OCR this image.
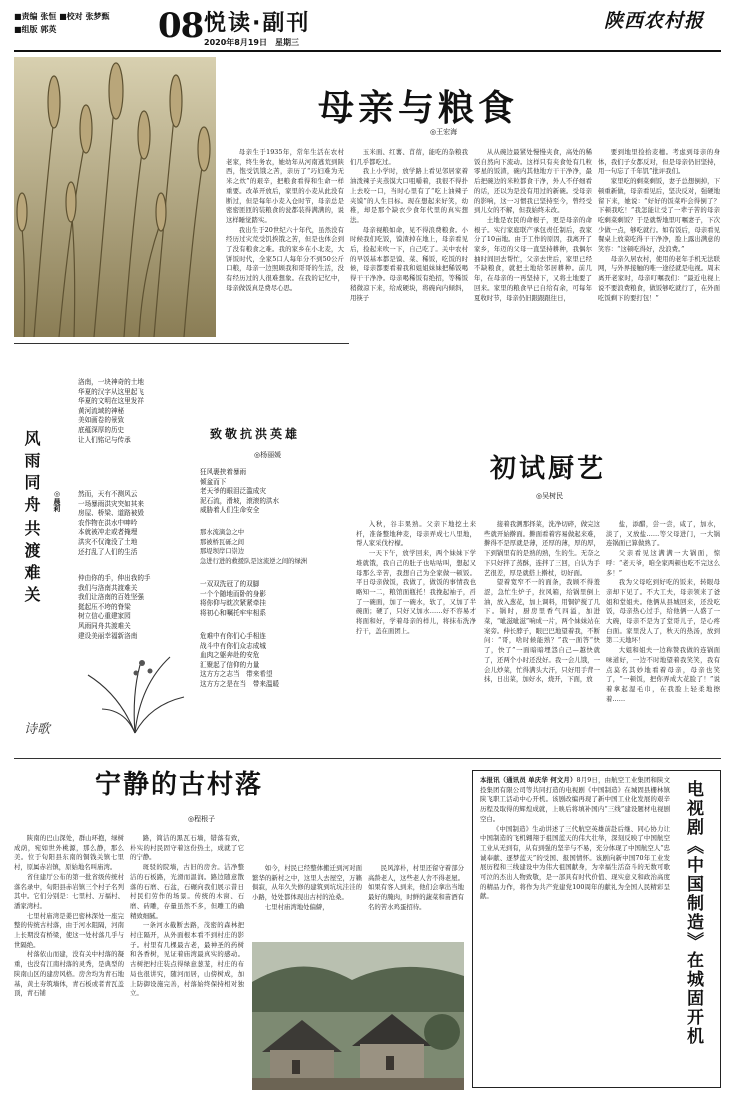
■责编 张恒 ■校对 张梦甄
■组版 郭英	08 悦读·副刊
2020年8月19日　星期三
陕西农村报
母亲与粮食
◎王宏海

母亲生于1935年，常年生活在农村老家，终生务农，她幼年从河南逃荒到陕西，饱受饥饿之苦，亲历了“巧妇难为无米之炊”的艰辛，把粮食看得和生命一样重要。改革开放后，家里的小麦从此没有断过，但是每年小麦入仓时节，母亲总是密密匝匝的装粮食的瓮都装得满满的，说这样睡觉踏实。

我出生于20世纪六十年代，虽然没有经历过灾荒受饥挨饿之苦，但是也体会到了没有粮食之难。我的家乡在小北麦，大饼饭时代，全家5口人每年分不到50公斤口粮，母亲一边照顾我和哥哥的生活，没有经历过的人很难想象。在我的记忆中，母亲做饭真是费尽心思。

玉米面、红薯、苜蓿，能吃的杂粮我们几乎都吃过。

我上小学时，放学路上看见邻居家着油泼辣子夹蒸馍大口咀嚼着，我很不得扑上去咬一口，当时心里有了“吃上油辣子夹馍”的人生目标。现在想起来好笑，幼稚，却是那个缺衣少食年代里的真实想法。

母亲视粮如命，见不得浪费粮食。小时候我们吃饭，馍渣掉在地上，母亲看见后，捡起来吹一下，自己吃了。关中农村的早饭基本都是馍、菜、稀饭，吃饭的时候，母亲都要看着我和姐姐妹妹把稀饭喝得干干净净。母亲喝稀饭有绝招，等稀饭稍微凉下来，给成硬块，将碗向内倾斜，用筷子

从从碗边最紧处慢慢夹食，高处的稀饭自然向下流动。这样只有夹食处有几粒零星的饭渣，碗内其他地方干干净净，最后把碗边的米粒都食干净，外人不仔细看的话，还以为是没有用过的新碗。受母亲的影响，这一习惯我已坚持至今，曾经受到儿女的不解，但我始终未改。

土地是农民的命根子，更是母亲的命根子。实行家庭联产承包责任制后，我家分了10亩地。由于工作的原因，我离开了家乡，年迈的父母一直坚持耕种，我偶尔抽时间回去帮忙，父亲去世后，家里已经不缺粮食，就把土地给邻居耕种。前几年，在母亲的一再坚持下，又将土地要了回来。家里的粮食早已自给有余，可每年夏收时节，母亲仍旧跟跟跟往日，

要到地里捡拾麦穗。考虑到母亲的身体，我们子女都反对，但是母亲仍旧坚持，用一句忘了千年饥”批评我们。

家里吃的剩菜剩饭，妻子总想倒掉，下顿重新做，母亲看见后，坚决反对，强硬地留下来，她说：“好好的饭菜咋会得倒了？下顿我吃！”我怎能让受了一辈子苦的母亲吃剩菜剩饭？于是就帮地里叮嘱妻子，下次少做一点，够吃就行。如有饭后，母亲看见餐桌上放菜吃得干干净净，脸上露出满意的笑容：“这顿吃得好，没浪费。”

母亲久居农村，使用的老年手机无法联网，与外界接触的唯一途径就是电视。周末离开老家时，母亲叮嘱我们：“最近电视上说不要浪费粮食，做饭够吃就行了，在外面吃饭剩下的要打包！”

风雨同舟
共渡难关
◎晨莉
洛南，一块神奇的土地
华夏的汉字从这里起飞
华夏的文明在这里发祥
黄河流域的神秘
美如画卷的景致
底蕴深厚的历史
让人们铭记与传承
然而，天有不测风云
一场暴雨洪灾突如其来
房屋、桥梁、道路被毁
农作物在洪水中呻吟
本就被冲走或者掩埋
洪灾不仅淹没了土地
还打乱了人们的生活
仲由你的手，伸出我的手
我们与洛南共渡难关
我们让洛南的百姓坚强
挺起压不垮的脊梁
树立信心重建家园
风雨同舟共渡难关
建设美丽幸福新洛南
致敬抗洪英雄
◎杨丽媛
狂风裹挟着暴雨
倾盆而下
老天爷的眼泪泛滥成灾
泥石流，滑坡，滚滚的洪水
威胁着人们生命安全
那水流滴急之中
那被桥瓦砾之间
那堤坝岸口崇边
急进行进的救援队是这流逆之间的绿洲
一双双洗冠了的双脚
一个个随地而卧的身影
将你仰与眈次紧紧牵挂
将初心和嘱托牢牢相系
危难中有你们心手相连
战斗中有你们众志成城
血肉之躯奔赴的安危
汇聚起了信仰的力量
这方方之志当　带来希望
这方方之是在当　带来温暖
诗歌
初试厨艺
◎吴树民

入秋，谷丰果熟。父亲下地挖土来杆，准备整地种麦，母亲弄成七八里地，帮人家采伐柠檬。

一天下午，放学回来，两个妹妹下学堆就饿，我自己的肚子也咕咕叫，想起又母那么辛苦，我想自己为全家做一顿饭。平日母亲做饭，我做了，做饭的事情我也略知一二，粮馆面瓶托！我挽起袖子，舀了一碗面，加了一碗水，软了，又加了半碗面；硬了，只好又加水……好不容易才将面和好，学着母亲的样儿，将抹布洗净拧干，盖在面团上。

接着我测那择菜，洗净切碎，做完这些就开始擀面。擀面看着容易做起来难，擀得不是厚就是薄，还厚的薄，厚的厚，下到锅里有的是熟的熟，生的生。无奈之下只好拌了蒸酥，连拌了三回，自认为手艺很差，厚是就搭上擀杖，切好面。

望着宽窄不一的面条，我顾不得羞涩，急忙生炉子，拉风箱，给锅里倒上油，放入葱花，加上调料，用铜铲搅了几下。锅时，厨房里香气四溢，加进菜，“呲滋呲滋”响成一片，两个妹妹站在案旁。伸长脖子，眼巴巴地望着我，不断问：“哥，啥时候能熟？”我一面答“快了，快了”一面暗暗埋怨自己—越快就了，还两个小时还没好。我一会儿饿，一会儿炒菜，忙得满头大汗，只好用手背一抹，日出菜，加好水，烧开，下面，放

盐，添醋，尝一尝，咸了，加水，淡了，又放盐……等父母进门，一大锅连锅面已算做熟了。

父亲看见这满满一大锅面，惊呼：“老天爷，咱全家两顿也吃不完这么多！”

我为父母吃到好吃的饭来，转眼母亲却下见了。不大工夫，母亲领来了爸姐和堂姐夫。他俩从县城回来，还没吃饭，母亲热心过手，给他俩一人盛了一大碗，母亲不是为了堂哥儿子，是心疼白面。家里没人了，秋天的热汤，放到第二天地坏！

大姐和姐夫一边称赞我做的连锅面味道好，一边不时地望着我笑笑，我有点莫名其妙地看着母亲，母亲也笑了，“一顿饭，把你弄成大花脸了！”说着拿起湿毛巾，在我脸上轻柔地擦着……

宁静的古村落
◎程根子

陕南的巴山深处，群山环抱，绿树成荫，宛如世外桃源，那么静，那么美。位于旬阳县东南的铜钱关镇七里村，原属赤岩镇，原始地名叫庙湾。

省住建厅公布的第一批省级传统村落名录中，旬阳县赤岩镇三个村子名列其中。它们分别是：七里村、万福村、潘家湾村。

七里村庙湾是姜巴密林深处一座完整的传统古村落，由于河水阻隔，河南上长期没有桥梁，使这一处村落几乎与世隔绝。

村落依山而建，没有关中村落的凝重，也没有江南村落的灵秀，是典型的陕南山区的建房风格。房舍均为青石地基，黄土夯筑墙体，青石板或者青瓦盖顶，青石铺

路，简洁的黑瓦石墙，错落有致，朴实的村民固守着这份热土，成就了它的宁静。

斑驳的院墙，古旧的房舍。洁净整洁的石板路，光滑而温润。路边随意散落的石磨、石盆，石碾向我们展示昔日村民们劳作的场景。传统的木窗、石磨、砖雕，存量虽然不多，但雕工的确精致细腻。

一条河水截断去路，茂密的森林把村庄隔开，从外面根本看不到村庄的影子。村里有几棵最古老，最神圣的药树和各香树，见证着庙湾最真实的感动。古树把村庄装点得绿意葱茏，村庄的布局也很讲究，随河而居，山傍树成，加上防御设施完善，村落始终保持相对独立。

如今，村民已经整体搬迁到河对面繁华的新村之中，这里人去屋空，万籁俱寂，从年久失修的建筑到坑坑洼洼的小路，处处都体现出古村的沧桑。

七里村庙湾地处偏僻，

民风淳朴，村里还留守着部分高龄老人，这些老人舍不得老屋。如果有客人到来，他们会拿出当地最好的腌肉，时鲜的蔬菜和苗酒有名的苦水鸡蛋招待。

本报讯（通讯员 单庆华 何文月）8月9日，由航空工业集团和陕文投集团有限公司等共同打造的电视剧《中国制造》在城固县栅林镇陕飞职工活动中心开机。该剧改编再现了新中国工业化发展的艰辛历程及取得的辉煌成就，上映后将填补国内“三线”建设题材电视剧空白。

《中国制造》生动讲述了三代航空英雄前赴后继、同心协力让中国制造的飞机翱翔于祖国蓝天的伟大壮举，深刻反映了中国航空工业从无到有，从有到强的坚辛与不易，充分体现了中国航空人“忠诚奉献、逐梦蓝天”的受国、报国情怀。该剧向新中国70年工业发展历程和三线建设中为伟大祖国献身，为幸福生活奋斗的无数可歌可泣的杰出人物致敬，是一部具有时代价值、现实意义和政治高度的精品力作，将作为共产党建党100周年的献礼为全国人民精彩呈献。	电视剧《中国制造》在城固开机
